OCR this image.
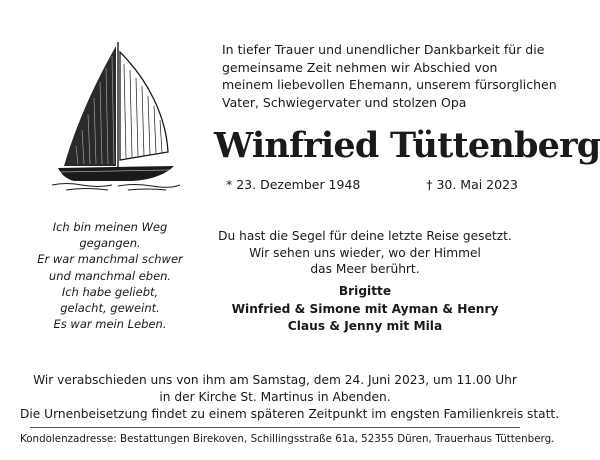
In tiefer Trauer und unendlicher Dankbarkeit für die
gemeinsame Zeit nehmen wir Abschied von
meinem liebevollen Ehemann, unserem fürsorglichen
Vater, Schwiegervater und stolzen Opa
Winfried Tüttenberg
* 23. Dezember 1948	† 30. Mai 2023
Ich bin meinen Weg
gegangen.
Er war manchmal schwer
und manchmal eben.
Ich habe geliebt,
gelacht, geweint.
Es war mein Leben.
Du hast die Segel für deine letzte Reise gesetzt.
Wir sehen uns wieder, wo der Himmel
das Meer berührt.
Brigitte
Winfried & Simone mit Ayman & Henry
Claus & Jenny mit Mila
Wir verabschieden uns von ihm am Samstag, dem 24. Juni 2023, um 11.00 Uhr
in der Kirche St. Martinus in Abenden.
Die Urnenbeisetzung findet zu einem späteren Zeitpunkt im engsten Familienkreis statt.
Kondolenzadresse: Bestattungen Birekoven, Schillingsstraße 61a, 52355 Düren, Trauerhaus Tüttenberg.
